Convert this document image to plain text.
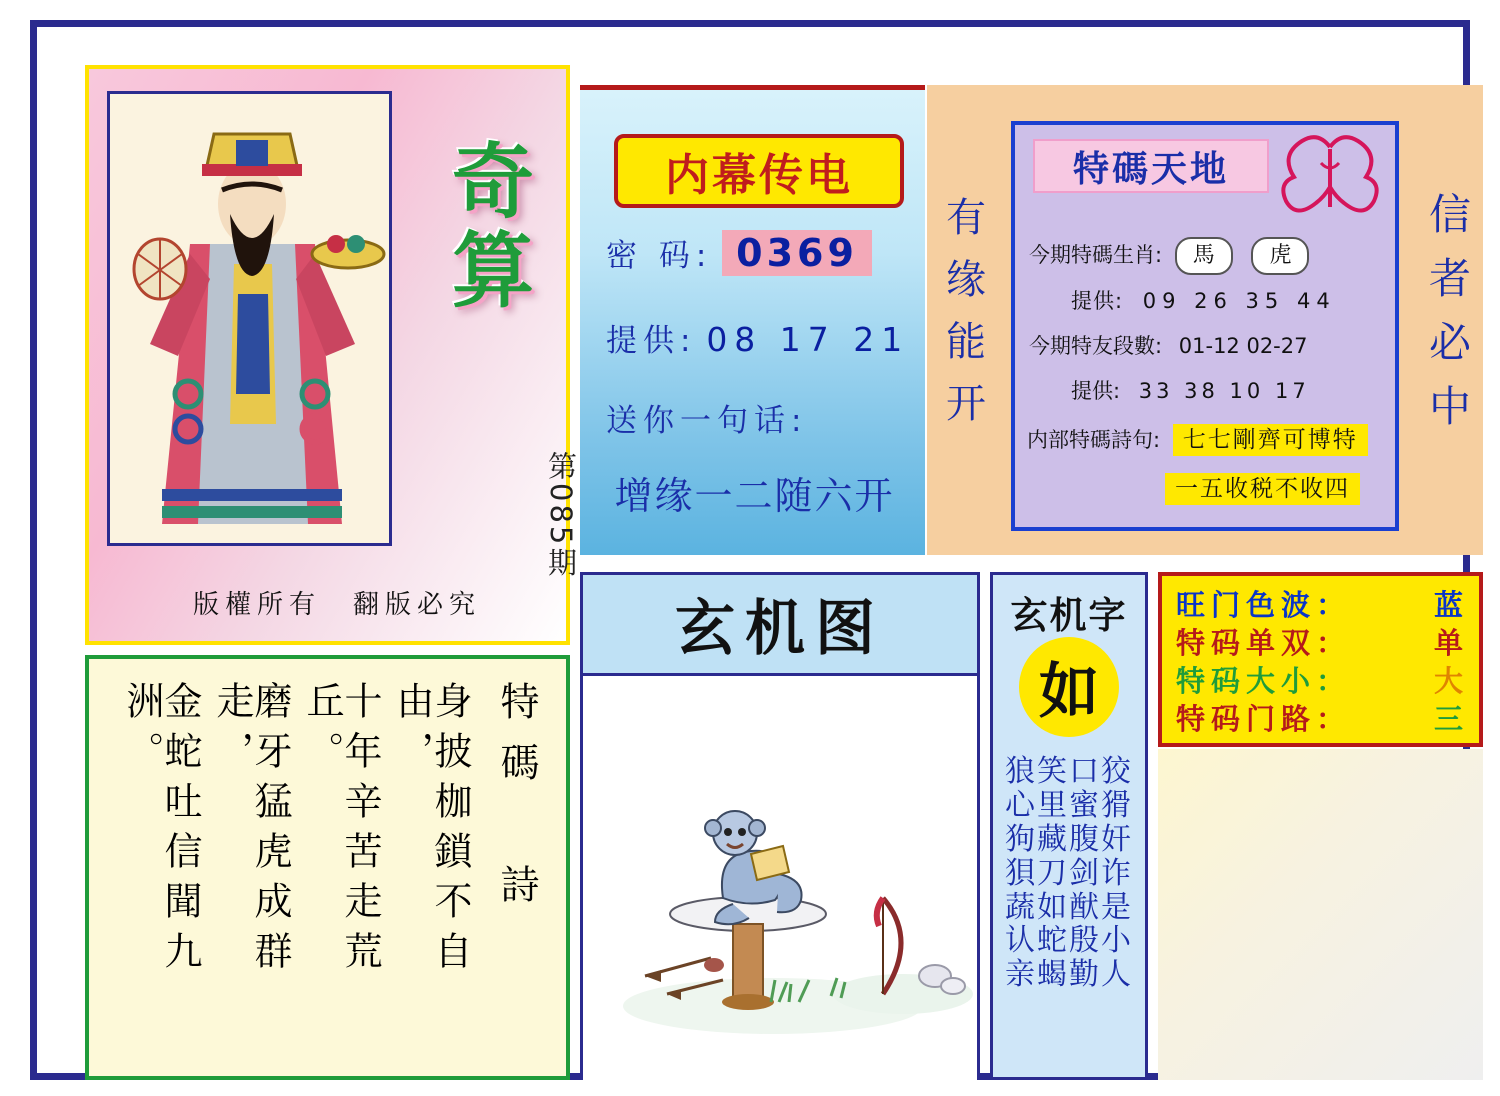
奇算
第085期
版權所有　翻版必究
特碼　詩
身披枷鎖不自由，
十年辛苦走荒丘。
磨牙猛虎成群走，
金蛇吐信聞九洲。
内幕传电
密 码: 0369
提供: 08 17 21
送你一句话:
增缘一二随六开
有缘能开
特碼天地
今期特碼生肖: 馬 虎
提供: 09 26 35 44
今期特友段數: 01-12 02-27
提供: 33 38 10 17
内部特碼詩句: 七七剛齊可博特
一五收税不收四
信者必中
玄机图	玄机字
如
狼笑口狡
心里蜜猾
狗藏腹奸
狽刀剑诈
蔬如猷是
认蛇殷小
亲蝎勤人
旺门色波：	蓝
特码单双：	单
特码大小：	大
特码门路：	三
